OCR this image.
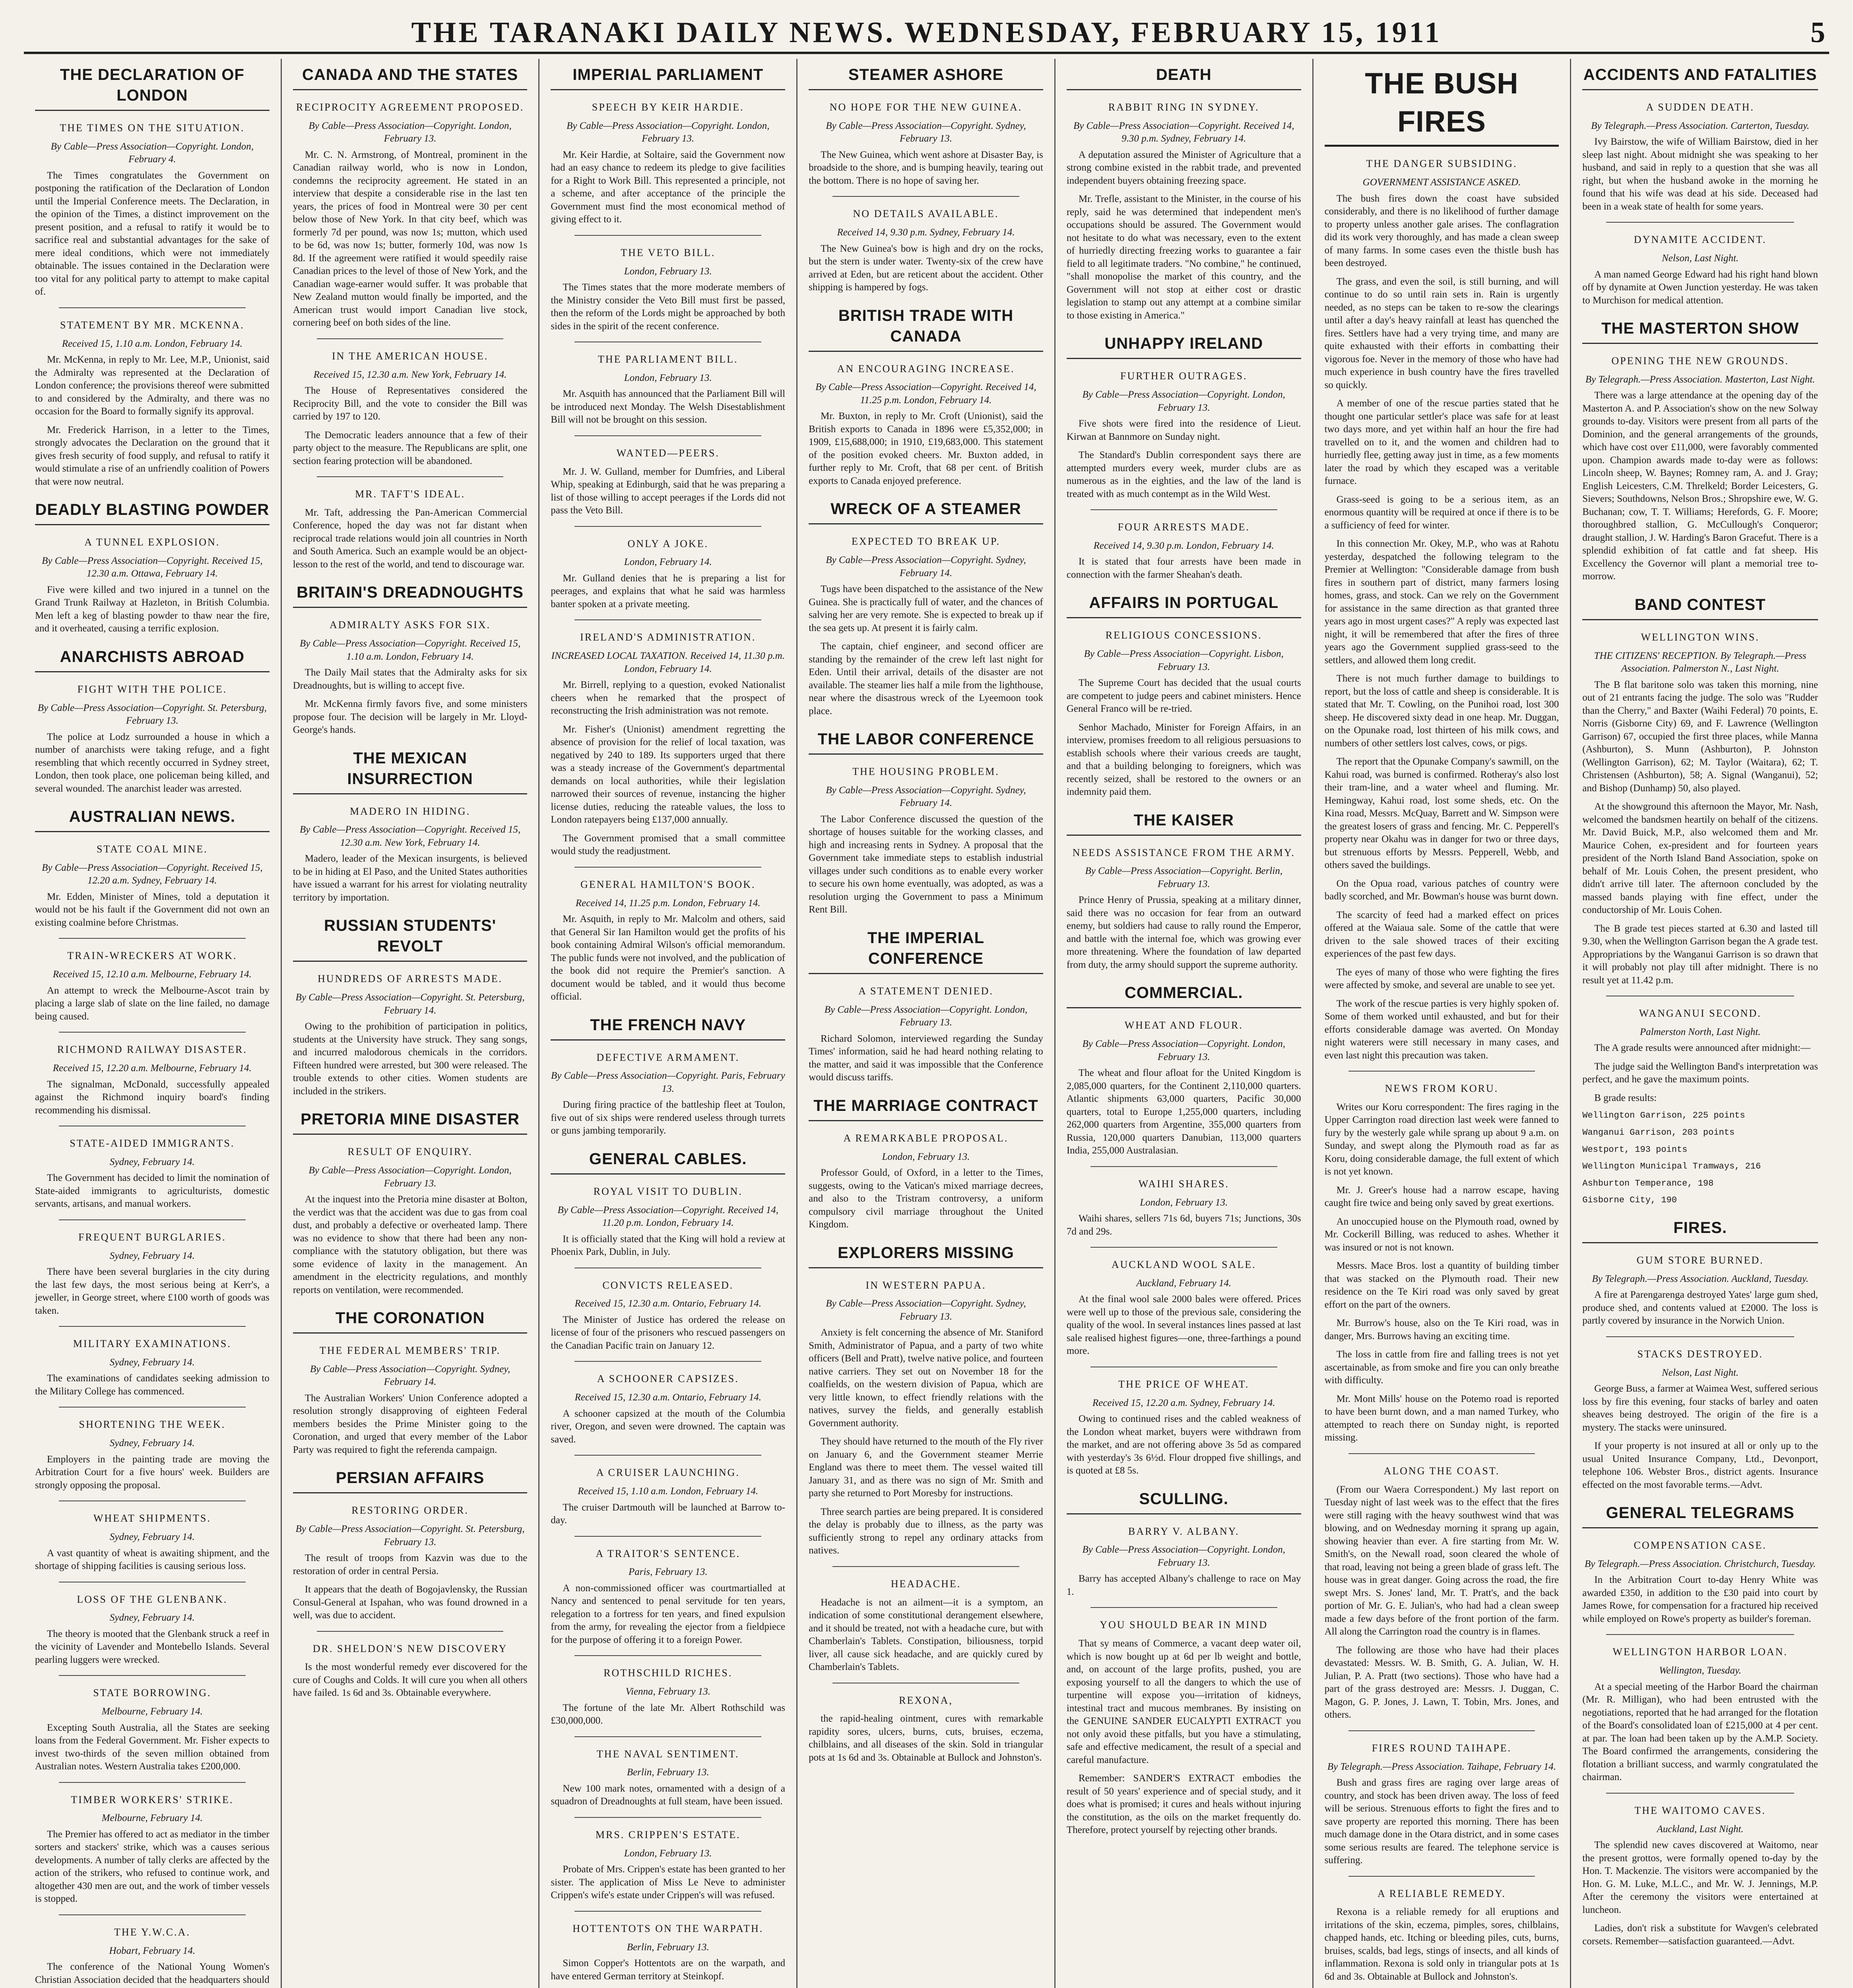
THE TARANAKI DAILY NEWS. WEDNESDAY, FEBRUARY 15, 1911	5
THE DECLARATION OF LONDON
THE TIMES ON THE SITUATION.
By Cable—Press Association—Copyright. London, February 4.

The Times congratulates the Government on postponing the ratification of the Declaration of London until the Imperial Conference meets. The Declaration, in the opinion of the Times, a distinct improvement on the present position, and a refusal to ratify it would be to sacrifice real and substantial advantages for the sake of mere ideal conditions, which were not immediately obtainable. The issues contained in the Declaration were too vital for any political party to attempt to make capital of.

STATEMENT BY MR. MCKENNA.
Received 15, 1.10 a.m. London, February 14.

Mr. McKenna, in reply to Mr. Lee, M.P., Unionist, said the Admiralty was represented at the Declaration of London conference; the provisions thereof were submitted to and considered by the Admiralty, and there was no occasion for the Board to formally signify its approval.

Mr. Frederick Harrison, in a letter to the Times, strongly advocates the Declaration on the ground that it gives fresh security of food supply, and refusal to ratify it would stimulate a rise of an unfriendly coalition of Powers that were now neutral.

DEADLY BLASTING POWDER
A TUNNEL EXPLOSION.
By Cable—Press Association—Copyright. Received 15, 12.30 a.m. Ottawa, February 14.

Five were killed and two injured in a tunnel on the Grand Trunk Railway at Hazleton, in British Columbia. Men left a keg of blasting powder to thaw near the fire, and it overheated, causing a terrific explosion.

ANARCHISTS ABROAD
FIGHT WITH THE POLICE.
By Cable—Press Association—Copyright. St. Petersburg, February 13.

The police at Lodz surrounded a house in which a number of anarchists were taking refuge, and a fight resembling that which recently occurred in Sydney street, London, then took place, one policeman being killed, and several wounded. The anarchist leader was arrested.

AUSTRALIAN NEWS.
STATE COAL MINE.
By Cable—Press Association—Copyright. Received 15, 12.20 a.m. Sydney, February 14.

Mr. Edden, Minister of Mines, told a deputation it would not be his fault if the Government did not own an existing coalmine before Christmas.

TRAIN-WRECKERS AT WORK.
Received 15, 12.10 a.m. Melbourne, February 14.

An attempt to wreck the Melbourne-Ascot train by placing a large slab of slate on the line failed, no damage being caused.

RICHMOND RAILWAY DISASTER.
Received 15, 12.20 a.m. Melbourne, February 14.

The signalman, McDonald, successfully appealed against the Richmond inquiry board's finding recommending his dismissal.

STATE-AIDED IMMIGRANTS.
Sydney, February 14.

The Government has decided to limit the nomination of State-aided immigrants to agriculturists, domestic servants, artisans, and manual workers.

FREQUENT BURGLARIES.
Sydney, February 14.

There have been several burglaries in the city during the last few days, the most serious being at Kerr's, a jeweller, in George street, where £100 worth of goods was taken.

MILITARY EXAMINATIONS.
Sydney, February 14.

The examinations of candidates seeking admission to the Military College has commenced.

SHORTENING THE WEEK.
Sydney, February 14.

Employers in the painting trade are moving the Arbitration Court for a five hours' week. Builders are strongly opposing the proposal.

WHEAT SHIPMENTS.
Sydney, February 14.

A vast quantity of wheat is awaiting shipment, and the shortage of shipping facilities is causing serious loss.

LOSS OF THE GLENBANK.
Sydney, February 14.

The theory is mooted that the Glenbank struck a reef in the vicinity of Lavender and Montebello Islands. Several pearling luggers were wrecked.

STATE BORROWING.
Melbourne, February 14.

Excepting South Australia, all the States are seeking loans from the Federal Government. Mr. Fisher expects to invest two-thirds of the seven million obtained from Australian notes. Western Australia takes £200,000.

TIMBER WORKERS' STRIKE.
Melbourne, February 14.

The Premier has offered to act as mediator in the timber sorters and stackers' strike, which was a causes serious developments. A number of tally clerks are affected by the action of the strikers, who refused to continue work, and altogether 430 men are out, and the work of timber vessels is stopped.

THE Y.W.C.A.
Hobart, February 14.

The conference of the National Young Women's Christian Association decided that the headquarters should

CANADA AND THE STATES
RECIPROCITY AGREEMENT PROPOSED.
By Cable—Press Association—Copyright. London, February 13.

Mr. C. N. Armstrong, of Montreal, prominent in the Canadian railway world, who is now in London, condemns the reciprocity agreement. He stated in an interview that despite a considerable rise in the last ten years, the prices of food in Montreal were 30 per cent below those of New York. In that city beef, which was formerly 7d per pound, was now 1s; mutton, which used to be 6d, was now 1s; butter, formerly 10d, was now 1s 8d. If the agreement were ratified it would speedily raise Canadian prices to the level of those of New York, and the Canadian wage-earner would suffer. It was probable that New Zealand mutton would finally be imported, and the American trust would import Canadian live stock, cornering beef on both sides of the line.

IN THE AMERICAN HOUSE.
Received 15, 12.30 a.m. New York, February 14.

The House of Representatives considered the Reciprocity Bill, and the vote to consider the Bill was carried by 197 to 120.

The Democratic leaders announce that a few of their party object to the measure. The Republicans are split, one section fearing protection will be abandoned.

MR. TAFT'S IDEAL.

Mr. Taft, addressing the Pan-American Commercial Conference, hoped the day was not far distant when reciprocal trade relations would join all countries in North and South America. Such an example would be an object-lesson to the rest of the world, and tend to discourage war.

BRITAIN'S DREADNOUGHTS
ADMIRALTY ASKS FOR SIX.
By Cable—Press Association—Copyright. Received 15, 1.10 a.m. London, February 14.

The Daily Mail states that the Admiralty asks for six Dreadnoughts, but is willing to accept five.

Mr. McKenna firmly favors five, and some ministers propose four. The decision will be largely in Mr. Lloyd-George's hands.

THE MEXICAN INSURRECTION
MADERO IN HIDING.
By Cable—Press Association—Copyright. Received 15, 12.30 a.m. New York, February 14.

Madero, leader of the Mexican insurgents, is believed to be in hiding at El Paso, and the United States authorities have issued a warrant for his arrest for violating neutrality territory by importation.

RUSSIAN STUDENTS' REVOLT
HUNDREDS OF ARRESTS MADE.
By Cable—Press Association—Copyright. St. Petersburg, February 14.

Owing to the prohibition of participation in politics, students at the University have struck. They sang songs, and incurred malodorous chemicals in the corridors. Fifteen hundred were arrested, but 300 were released. The trouble extends to other cities. Women students are included in the strikers.

PRETORIA MINE DISASTER
RESULT OF ENQUIRY.
By Cable—Press Association—Copyright. London, February 13.

At the inquest into the Pretoria mine disaster at Bolton, the verdict was that the accident was due to gas from coal dust, and probably a defective or overheated lamp. There was no evidence to show that there had been any non-compliance with the statutory obligation, but there was some evidence of laxity in the management. An amendment in the electricity regulations, and monthly reports on ventilation, were recommended.

THE CORONATION
THE FEDERAL MEMBERS' TRIP.
By Cable—Press Association—Copyright. Sydney, February 14.

The Australian Workers' Union Conference adopted a resolution strongly disapproving of eighteen Federal members besides the Prime Minister going to the Coronation, and urged that every member of the Labor Party was required to fight the referenda campaign.

PERSIAN AFFAIRS
RESTORING ORDER.
By Cable—Press Association—Copyright. St. Petersburg, February 13.

The result of troops from Kazvin was due to the restoration of order in central Persia.

It appears that the death of Bogojavlensky, the Russian Consul-General at Ispahan, who was found drowned in a well, was due to accident.

DR. SHELDON'S NEW DISCOVERY

Is the most wonderful remedy ever discovered for the cure of Coughs and Colds. It will cure you when all others have failed. 1s 6d and 3s. Obtainable everywhere.

IMPERIAL PARLIAMENT
SPEECH BY KEIR HARDIE.
By Cable—Press Association—Copyright. London, February 13.

Mr. Keir Hardie, at Soltaire, said the Government now had an easy chance to redeem its pledge to give facilities for a Right to Work Bill. This represented a principle, not a scheme, and after acceptance of the principle the Government must find the most economical method of giving effect to it.

THE VETO BILL.
London, February 13.

The Times states that the more moderate members of the Ministry consider the Veto Bill must first be passed, then the reform of the Lords might be approached by both sides in the spirit of the recent conference.

THE PARLIAMENT BILL.
London, February 13.

Mr. Asquith has announced that the Parliament Bill will be introduced next Monday. The Welsh Disestablishment Bill will not be brought on this session.

WANTED—PEERS.

Mr. J. W. Gulland, member for Dumfries, and Liberal Whip, speaking at Edinburgh, said that he was preparing a list of those willing to accept peerages if the Lords did not pass the Veto Bill.

ONLY A JOKE.
London, February 14.

Mr. Gulland denies that he is preparing a list for peerages, and explains that what he said was harmless banter spoken at a private meeting.

IRELAND'S ADMINISTRATION.
INCREASED LOCAL TAXATION. Received 14, 11.30 p.m. London, February 14.

Mr. Birrell, replying to a question, evoked Nationalist cheers when he remarked that the prospect of reconstructing the Irish administration was not remote.

Mr. Fisher's (Unionist) amendment regretting the absence of provision for the relief of local taxation, was negatived by 240 to 189. Its supporters urged that there was a steady increase of the Government's departmental demands on local authorities, while their legislation narrowed their sources of revenue, instancing the higher license duties, reducing the rateable values, the loss to London ratepayers being £137,000 annually.

The Government promised that a small committee would study the readjustment.

GENERAL HAMILTON'S BOOK.
Received 14, 11.25 p.m. London, February 14.

Mr. Asquith, in reply to Mr. Malcolm and others, said that General Sir Ian Hamilton would get the profits of his book containing Admiral Wilson's official memorandum. The public funds were not involved, and the publication of the book did not require the Premier's sanction. A document would be tabled, and it would thus become official.

THE FRENCH NAVY
DEFECTIVE ARMAMENT.
By Cable—Press Association—Copyright. Paris, February 13.

During firing practice of the battleship fleet at Toulon, five out of six ships were rendered useless through turrets or guns jambing temporarily.

GENERAL CABLES.
ROYAL VISIT TO DUBLIN.
By Cable—Press Association—Copyright. Received 14, 11.20 p.m. London, February 14.

It is officially stated that the King will hold a review at Phoenix Park, Dublin, in July.

CONVICTS RELEASED.
Received 15, 12.30 a.m. Ontario, February 14.

The Minister of Justice has ordered the release on license of four of the prisoners who rescued passengers on the Canadian Pacific train on January 12.

A SCHOONER CAPSIZES.
Received 15, 12.30 a.m. Ontario, February 14.

A schooner capsized at the mouth of the Columbia river, Oregon, and seven were drowned. The captain was saved.

A CRUISER LAUNCHING.
Received 15, 1.10 a.m. London, February 14.

The cruiser Dartmouth will be launched at Barrow to-day.

A TRAITOR'S SENTENCE.
Paris, February 13.

A non-commissioned officer was courtmartialled at Nancy and sentenced to penal servitude for ten years, relegation to a fortress for ten years, and fined expulsion from the army, for revealing the ejector from a fieldpiece for the purpose of offering it to a foreign Power.

ROTHSCHILD RICHES.
Vienna, February 13.

The fortune of the late Mr. Albert Rothschild was £30,000,000.

THE NAVAL SENTIMENT.
Berlin, February 13.

New 100 mark notes, ornamented with a design of a squadron of Dreadnoughts at full steam, have been issued.

MRS. CRIPPEN'S ESTATE.
London, February 13.

Probate of Mrs. Crippen's estate has been granted to her sister. The application of Miss Le Neve to administer Crippen's wife's estate under Crippen's will was refused.

HOTTENTOTS ON THE WARPATH.
Berlin, February 13.

Simon Copper's Hottentots are on the warpath, and have entered German territory at Steinkopf.

STEAMER ASHORE
NO HOPE FOR THE NEW GUINEA.
By Cable—Press Association—Copyright. Sydney, February 13.

The New Guinea, which went ashore at Disaster Bay, is broadside to the shore, and is bumping heavily, tearing out the bottom. There is no hope of saving her.

NO DETAILS AVAILABLE.
Received 14, 9.30 p.m. Sydney, February 14.

The New Guinea's bow is high and dry on the rocks, but the stern is under water. Twenty-six of the crew have arrived at Eden, but are reticent about the accident. Other shipping is hampered by fogs.

BRITISH TRADE WITH CANADA
AN ENCOURAGING INCREASE.
By Cable—Press Association—Copyright. Received 14, 11.25 p.m. London, February 14.

Mr. Buxton, in reply to Mr. Croft (Unionist), said the British exports to Canada in 1896 were £5,352,000; in 1909, £15,688,000; in 1910, £19,683,000. This statement of the position evoked cheers. Mr. Buxton added, in further reply to Mr. Croft, that 68 per cent. of British exports to Canada enjoyed preference.

WRECK OF A STEAMER
EXPECTED TO BREAK UP.
By Cable—Press Association—Copyright. Sydney, February 14.

Tugs have been dispatched to the assistance of the New Guinea. She is practically full of water, and the chances of salving her are very remote. She is expected to break up if the sea gets up. At present it is fairly calm.

The captain, chief engineer, and second officer are standing by the remainder of the crew left last night for Eden. Until their arrival, details of the disaster are not available. The steamer lies half a mile from the lighthouse, near where the disastrous wreck of the Lyeemoon took place.

THE LABOR CONFERENCE
THE HOUSING PROBLEM.
By Cable—Press Association—Copyright. Sydney, February 14.

The Labor Conference discussed the question of the shortage of houses suitable for the working classes, and high and increasing rents in Sydney. A proposal that the Government take immediate steps to establish industrial villages under such conditions as to enable every worker to secure his own home eventually, was adopted, as was a resolution urging the Government to pass a Minimum Rent Bill.

THE IMPERIAL CONFERENCE
A STATEMENT DENIED.
By Cable—Press Association—Copyright. London, February 13.

Richard Solomon, interviewed regarding the Sunday Times' information, said he had heard nothing relating to the matter, and said it was impossible that the Conference would discuss tariffs.

THE MARRIAGE CONTRACT
A REMARKABLE PROPOSAL.
London, February 13.

Professor Gould, of Oxford, in a letter to the Times, suggests, owing to the Vatican's mixed marriage decrees, and also to the Tristram controversy, a uniform compulsory civil marriage throughout the United Kingdom.

EXPLORERS MISSING
IN WESTERN PAPUA.
By Cable—Press Association—Copyright. Sydney, February 13.

Anxiety is felt concerning the absence of Mr. Staniford Smith, Administrator of Papua, and a party of two white officers (Bell and Pratt), twelve native police, and fourteen native carriers. They set out on November 18 for the coalfields, on the western division of Papua, which are very little known, to effect friendly relations with the natives, survey the fields, and generally establish Government authority.

They should have returned to the mouth of the Fly river on January 6, and the Government steamer Merrie England was there to meet them. The vessel waited till January 31, and as there was no sign of Mr. Smith and party she returned to Port Moresby for instructions.

Three search parties are being prepared. It is considered the delay is probably due to illness, as the party was sufficiently strong to repel any ordinary attacks from natives.

HEADACHE.

Headache is not an ailment—it is a symptom, an indication of some constitutional derangement elsewhere, and it should be treated, not with a headache cure, but with Chamberlain's Tablets. Constipation, biliousness, torpid liver, all cause sick headache, and are quickly cured by Chamberlain's Tablets.

REXONA,

the rapid-healing ointment, cures with remarkable rapidity sores, ulcers, burns, cuts, bruises, eczema, chilblains, and all diseases of the skin. Sold in triangular pots at 1s 6d and 3s. Obtainable at Bullock and Johnston's.

DEATH
RABBIT RING IN SYDNEY.
By Cable—Press Association—Copyright. Received 14, 9.30 p.m. Sydney, February 14.

A deputation assured the Minister of Agriculture that a strong combine existed in the rabbit trade, and prevented independent buyers obtaining freezing space.

Mr. Trefle, assistant to the Minister, in the course of his reply, said he was determined that independent men's occupations should be assured. The Government would not hesitate to do what was necessary, even to the extent of hurriedly directing freezing works to guarantee a fair field to all legitimate traders. "No combine," he continued, "shall monopolise the market of this country, and the Government will not stop at either cost or drastic legislation to stamp out any attempt at a combine similar to those existing in America."

UNHAPPY IRELAND
FURTHER OUTRAGES.
By Cable—Press Association—Copyright. London, February 13.

Five shots were fired into the residence of Lieut. Kirwan at Bannmore on Sunday night.

The Standard's Dublin correspondent says there are attempted murders every week, murder clubs are as numerous as in the eighties, and the law of the land is treated with as much contempt as in the Wild West.

FOUR ARRESTS MADE.
Received 14, 9.30 p.m. London, February 14.

It is stated that four arrests have been made in connection with the farmer Sheahan's death.

AFFAIRS IN PORTUGAL
RELIGIOUS CONCESSIONS.
By Cable—Press Association—Copyright. Lisbon, February 13.

The Supreme Court has decided that the usual courts are competent to judge peers and cabinet ministers. Hence General Franco will be re-tried.

Senhor Machado, Minister for Foreign Affairs, in an interview, promises freedom to all religious persuasions to establish schools where their various creeds are taught, and that a building belonging to foreigners, which was recently seized, shall be restored to the owners or an indemnity paid them.

THE KAISER
NEEDS ASSISTANCE FROM THE ARMY.
By Cable—Press Association—Copyright. Berlin, February 13.

Prince Henry of Prussia, speaking at a military dinner, said there was no occasion for fear from an outward enemy, but soldiers had cause to rally round the Emperor, and battle with the internal foe, which was growing ever more threatening. Where the foundation of law departed from duty, the army should support the supreme authority.

COMMERCIAL.
WHEAT AND FLOUR.
By Cable—Press Association—Copyright. London, February 13.

The wheat and flour afloat for the United Kingdom is 2,085,000 quarters, for the Continent 2,110,000 quarters. Atlantic shipments 63,000 quarters, Pacific 30,000 quarters, total to Europe 1,255,000 quarters, including 262,000 quarters from Argentine, 355,000 quarters from Russia, 120,000 quarters Danubian, 113,000 quarters India, 255,000 Australasian.

WAIHI SHARES.
London, February 13.

Waihi shares, sellers 71s 6d, buyers 71s; Junctions, 30s 7d and 29s.

AUCKLAND WOOL SALE.
Auckland, February 14.

At the final wool sale 2000 bales were offered. Prices were well up to those of the previous sale, considering the quality of the wool. In several instances lines passed at last sale realised highest figures—one, three-farthings a pound more.

THE PRICE OF WHEAT.
Received 15, 12.20 a.m. Sydney, February 14.

Owing to continued rises and the cabled weakness of the London wheat market, buyers were withdrawn from the market, and are not offering above 3s 5d as compared with yesterday's 3s 6½d. Flour dropped five shillings, and is quoted at £8 5s.

SCULLING.
BARRY V. ALBANY.
By Cable—Press Association—Copyright. London, February 13.

Barry has accepted Albany's challenge to race on May 1.

YOU SHOULD BEAR IN MIND

That sy means of Commerce, a vacant deep water oil, which is now bought up at 6d per lb weight and bottle, and, on account of the large profits, pushed, you are exposing yourself to all the dangers to which the use of turpentine will expose you—irritation of kidneys, intestinal tract and mucous membranes. By insisting on the GENUINE SANDER EUCALYPTI EXTRACT you not only avoid these pitfalls, but you have a stimulating, safe and effective medicament, the result of a special and careful manufacture.

Remember: SANDER'S EXTRACT embodies the result of 50 years' experience and of special study, and it does what is promised; it cures and heals without injuring the constitution, as the oils on the market frequently do. Therefore, protect yourself by rejecting other brands.

THE BUSH FIRES
THE DANGER SUBSIDING.
GOVERNMENT ASSISTANCE ASKED.

The bush fires down the coast have subsided considerably, and there is no likelihood of further damage to property unless another gale arises. The conflagration did its work very thoroughly, and has made a clean sweep of many farms. In some cases even the thistle bush has been destroyed.

The grass, and even the soil, is still burning, and will continue to do so until rain sets in. Rain is urgently needed, as no steps can be taken to re-sow the clearings until after a day's heavy rainfall at least has quenched the fires. Settlers have had a very trying time, and many are quite exhausted with their efforts in combatting their vigorous foe. Never in the memory of those who have had much experience in bush country have the fires travelled so quickly.

A member of one of the rescue parties stated that he thought one particular settler's place was safe for at least two days more, and yet within half an hour the fire had travelled on to it, and the women and children had to hurriedly flee, getting away just in time, as a few moments later the road by which they escaped was a veritable furnace.

Grass-seed is going to be a serious item, as an enormous quantity will be required at once if there is to be a sufficiency of feed for winter.

In this connection Mr. Okey, M.P., who was at Rahotu yesterday, despatched the following telegram to the Premier at Wellington: "Considerable damage from bush fires in southern part of district, many farmers losing homes, grass, and stock. Can we rely on the Government for assistance in the same direction as that granted three years ago in most urgent cases?" A reply was expected last night, it will be remembered that after the fires of three years ago the Government supplied grass-seed to the settlers, and allowed them long credit.

There is not much further damage to buildings to report, but the loss of cattle and sheep is considerable. It is stated that Mr. T. Cowling, on the Punihoi road, lost 300 sheep. He discovered sixty dead in one heap. Mr. Duggan, on the Opunake road, lost thirteen of his milk cows, and numbers of other settlers lost calves, cows, or pigs.

The report that the Opunake Company's sawmill, on the Kahui road, was burned is confirmed. Rotheray's also lost their tram-line, and a water wheel and fluming. Mr. Hemingway, Kahui road, lost some sheds, etc. On the Kina road, Messrs. McQuay, Barrett and W. Simpson were the greatest losers of grass and fencing. Mr. C. Pepperell's property near Okahu was in danger for two or three days, but strenuous efforts by Messrs. Pepperell, Webb, and others saved the buildings.

On the Opua road, various patches of country were badly scorched, and Mr. Bowman's house was burnt down.

The scarcity of feed had a marked effect on prices offered at the Waiaua sale. Some of the cattle that were driven to the sale showed traces of their exciting experiences of the past few days.

The eyes of many of those who were fighting the fires were affected by smoke, and several are unable to see yet.

The work of the rescue parties is very highly spoken of. Some of them worked until exhausted, and but for their efforts considerable damage was averted. On Monday night waterers were still necessary in many cases, and even last night this precaution was taken.

NEWS FROM KORU.

Writes our Koru correspondent: The fires raging in the Upper Carrington road direction last week were fanned to fury by the westerly gale while sprang up about 9 a.m. on Sunday, and swept along the Plymouth road as far as Koru, doing considerable damage, the full extent of which is not yet known.

Mr. J. Greer's house had a narrow escape, having caught fire twice and being only saved by great exertions.

An unoccupied house on the Plymouth road, owned by Mr. Cockerill Billing, was reduced to ashes. Whether it was insured or not is not known.

Messrs. Mace Bros. lost a quantity of building timber that was stacked on the Plymouth road. Their new residence on the Te Kiri road was only saved by great effort on the part of the owners.

Mr. Burrow's house, also on the Te Kiri road, was in danger, Mrs. Burrows having an exciting time.

The loss in cattle from fire and falling trees is not yet ascertainable, as from smoke and fire you can only breathe with difficulty.

Mr. Mont Mills' house on the Potemo road is reported to have been burnt down, and a man named Turkey, who attempted to reach there on Sunday night, is reported missing.

ALONG THE COAST.

(From our Waera Correspondent.) My last report on Tuesday night of last week was to the effect that the fires were still raging with the heavy southwest wind that was blowing, and on Wednesday morning it sprang up again, showing heavier than ever. A fire starting from Mr. W. Smith's, on the Newall road, soon cleared the whole of that road, leaving not being a green blade of grass left. The house was in great danger. Going across the road, the fire swept Mrs. S. Jones' land, Mr. T. Pratt's, and the back portion of Mr. G. E. Julian's, who had had a clean sweep made a few days before of the front portion of the farm. All along the Carrington road the country is in flames.

The following are those who have had their places devastated: Messrs. W. B. Smith, G. A. Julian, W. H. Julian, P. A. Pratt (two sections). Those who have had a part of the grass destroyed are: Messrs. J. Duggan, C. Magon, G. P. Jones, J. Lawn, T. Tobin, Mrs. Jones, and others.

FIRES ROUND TAIHAPE.
By Telegraph.—Press Association. Taihape, February 14.

Bush and grass fires are raging over large areas of country, and stock has been driven away. The loss of feed will be serious. Strenuous efforts to fight the fires and to save property are reported this morning. There has been much damage done in the Otara district, and in some cases some serious results are feared. The telephone service is suffering.

A RELIABLE REMEDY.

Rexona is a reliable remedy for all eruptions and irritations of the skin, eczema, pimples, sores, chilblains, chapped hands, etc. Itching or bleeding piles, cuts, burns, bruises, scalds, bad legs, stings of insects, and all kinds of inflammation. Rexona is sold only in triangular pots at 1s 6d and 3s. Obtainable at Bullock and Johnston's.

ACCIDENTS AND FATALITIES
A SUDDEN DEATH.
By Telegraph.—Press Association. Carterton, Tuesday.

Ivy Bairstow, the wife of William Bairstow, died in her sleep last night. About midnight she was speaking to her husband, and said in reply to a question that she was all right, but when the husband awoke in the morning he found that his wife was dead at his side. Deceased had been in a weak state of health for some years.

DYNAMITE ACCIDENT.
Nelson, Last Night.

A man named George Edward had his right hand blown off by dynamite at Owen Junction yesterday. He was taken to Murchison for medical attention.

THE MASTERTON SHOW
OPENING THE NEW GROUNDS.
By Telegraph.—Press Association. Masterton, Last Night.

There was a large attendance at the opening day of the Masterton A. and P. Association's show on the new Solway grounds to-day. Visitors were present from all parts of the Dominion, and the general arrangements of the grounds, which have cost over £11,000, were favorably commented upon. Champion awards made to-day were as follows: Lincoln sheep, W. Baynes; Romney ram, A. and J. Gray; English Leicesters, C.M. Threlkeld; Border Leicesters, G. Sievers; Southdowns, Nelson Bros.; Shropshire ewe, W. G. Buchanan; cow, T. T. Williams; Herefords, G. F. Moore; thoroughbred stallion, G. McCullough's Conqueror; draught stallion, J. W. Harding's Baron Gracefut. There is a splendid exhibition of fat cattle and fat sheep. His Excellency the Governor will plant a memorial tree to-morrow.

BAND CONTEST
WELLINGTON WINS.
THE CITIZENS' RECEPTION. By Telegraph.—Press Association. Palmerston N., Last Night.

The B flat baritone solo was taken this morning, nine out of 21 entrants facing the judge. The solo was "Rudder than the Cherry," and Baxter (Waihi Federal) 70 points, E. Norris (Gisborne City) 69, and F. Lawrence (Wellington Garrison) 67, occupied the first three places, while Manna (Ashburton), S. Munn (Ashburton), P. Johnston (Wellington Garrison), 62; M. Taylor (Waitara), 62; T. Christensen (Ashburton), 58; A. Signal (Wanganui), 52; and Bishop (Dunhamp) 50, also played.

At the showground this afternoon the Mayor, Mr. Nash, welcomed the bandsmen heartily on behalf of the citizens. Mr. David Buick, M.P., also welcomed them and Mr. Maurice Cohen, ex-president and for fourteen years president of the North Island Band Association, spoke on behalf of Mr. Louis Cohen, the present president, who didn't arrive till later. The afternoon concluded by the massed bands playing with fine effect, under the conductorship of Mr. Louis Cohen.

The B grade test pieces started at 6.30 and lasted till 9.30, when the Wellington Garrison began the A grade test. Appropriations by the Wanganui Garrison is so drawn that it will probably not play till after midnight. There is no result yet at 11.42 p.m.

WANGANUI SECOND.
Palmerston North, Last Night.

The A grade results were announced after midnight:—

The judge said the Wellington Band's interpretation was perfect, and he gave the maximum points.

B grade results:

Wellington Garrison, 225 points

Wanganui Garrison, 203 points

Westport, 193 points

Wellington Municipal Tramways, 216

Ashburton Temperance, 198

Gisborne City, 190

FIRES.
GUM STORE BURNED.
By Telegraph.—Press Association. Auckland, Tuesday.

A fire at Parengarenga destroyed Yates' large gum shed, produce shed, and contents valued at £2000. The loss is partly covered by insurance in the Norwich Union.

STACKS DESTROYED.
Nelson, Last Night.

George Buss, a farmer at Waimea West, suffered serious loss by fire this evening, four stacks of barley and oaten sheaves being destroyed. The origin of the fire is a mystery. The stacks were uninsured.

If your property is not insured at all or only up to the usual United Insurance Company, Ltd., Devonport, telephone 106. Webster Bros., district agents. Insurance effected on the most favorable terms.—Advt.

GENERAL TELEGRAMS
COMPENSATION CASE.
By Telegraph.—Press Association. Christchurch, Tuesday.

In the Arbitration Court to-day Henry White was awarded £350, in addition to the £30 paid into court by James Rowe, for compensation for a fractured hip received while employed on Rowe's property as builder's foreman.

WELLINGTON HARBOR LOAN.
Wellington, Tuesday.

At a special meeting of the Harbor Board the chairman (Mr. R. Milligan), who had been entrusted with the negotiations, reported that he had arranged for the flotation of the Board's consolidated loan of £215,000 at 4 per cent. at par. The loan had been taken up by the A.M.P. Society. The Board confirmed the arrangements, considering the flotation a brilliant success, and warmly congratulated the chairman.

THE WAITOMO CAVES.
Auckland, Last Night.

The splendid new caves discovered at Waitomo, near the present grottos, were formally opened to-day by the Hon. T. Mackenzie. The visitors were accompanied by the Hon. G. M. Luke, M.L.C., and Mr. W. J. Jennings, M.P. After the ceremony the visitors were entertained at luncheon.

Ladies, don't risk a substitute for Wavgen's celebrated corsets. Remember—satisfaction guaranteed.—Advt.
